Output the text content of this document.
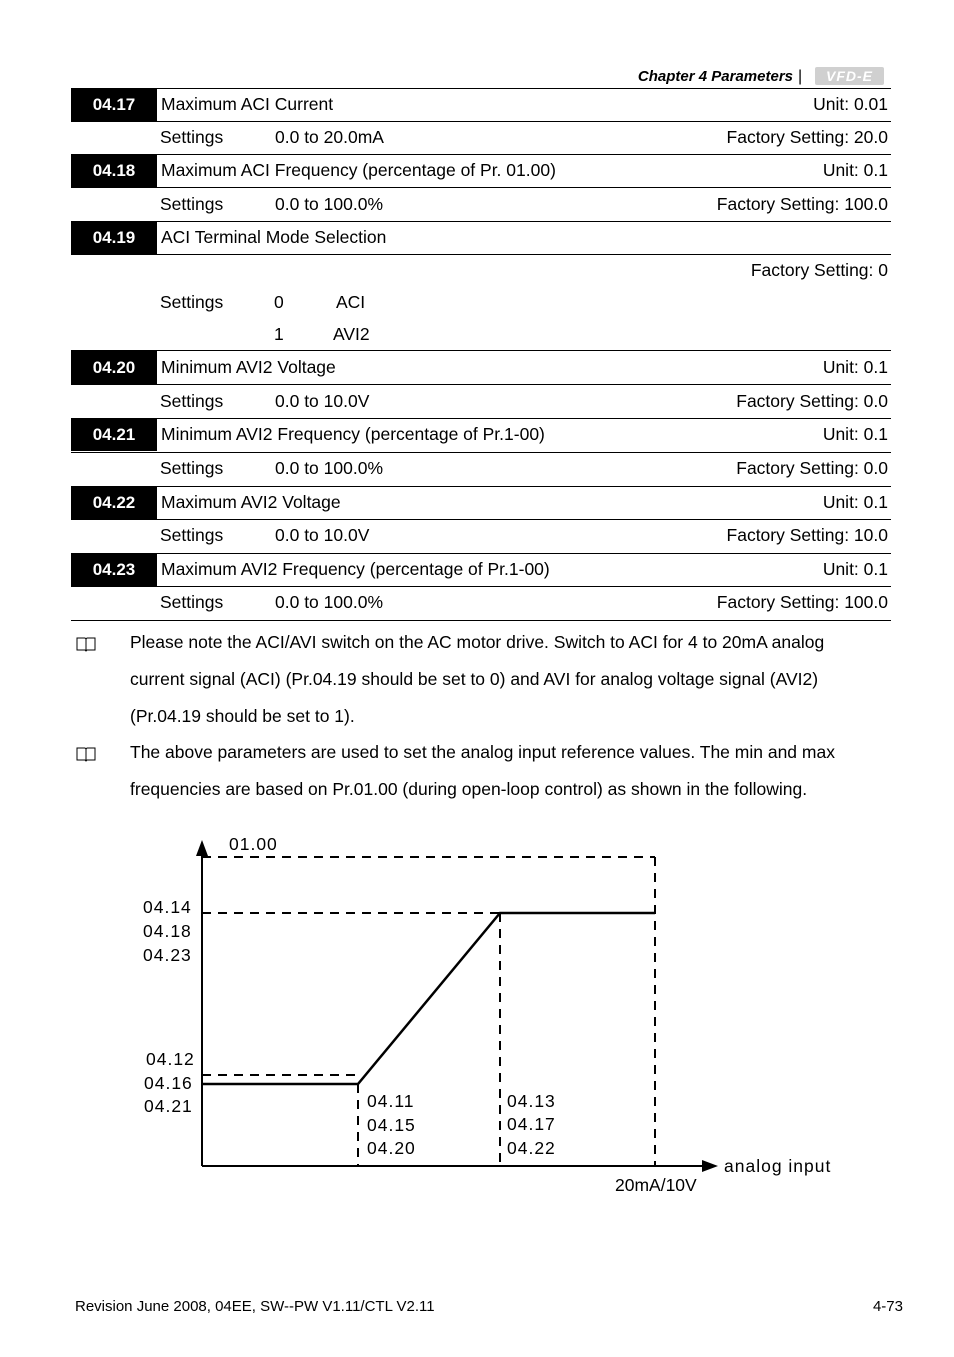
Chapter 4 Parameters |	VFD-E
04.17	Maximum ACI Current	Unit: 0.01
Settings	0.0 to 20.0mA	Factory Setting: 20.0
04.18	Maximum ACI Frequency (percentage of Pr. 01.00)	Unit: 0.1
Settings	0.0 to 100.0%	Factory Setting: 100.0
04.19	ACI Terminal Mode Selection
Factory Setting: 0
Settings	0	ACI
1	AVI2
04.20	Minimum AVI2 Voltage	Unit: 0.1
Settings	0.0 to 10.0V	Factory Setting: 0.0
04.21	Minimum AVI2 Frequency (percentage of Pr.1-00)	Unit: 0.1
Settings	0.0 to 100.0%	Factory Setting: 0.0
04.22	Maximum AVI2 Voltage	Unit: 0.1
Settings	0.0 to 10.0V	Factory Setting: 10.0
04.23	Maximum AVI2 Frequency (percentage of Pr.1-00)	Unit: 0.1
Settings	0.0 to 100.0%	Factory Setting: 100.0
Please note the ACI/AVI switch on the AC motor drive. Switch to ACI for 4 to 20mA analog
current signal (ACI) (Pr.04.19 should be set to 0) and AVI for analog voltage signal (AVI2)
(Pr.04.19 should be set to 1).
The above parameters are used to set the analog input reference values. The min and max
frequencies are based on Pr.01.00 (during open-loop control) as shown in the following.
01.00
04.14
04.18
04.23
04.12
04.16
04.21	04.11
04.15
04.20
04.13
04.17
04.22
analog input
20mA/10V
Revision June 2008, 04EE, SW--PW V1.11/CTL V2.11	4-73
